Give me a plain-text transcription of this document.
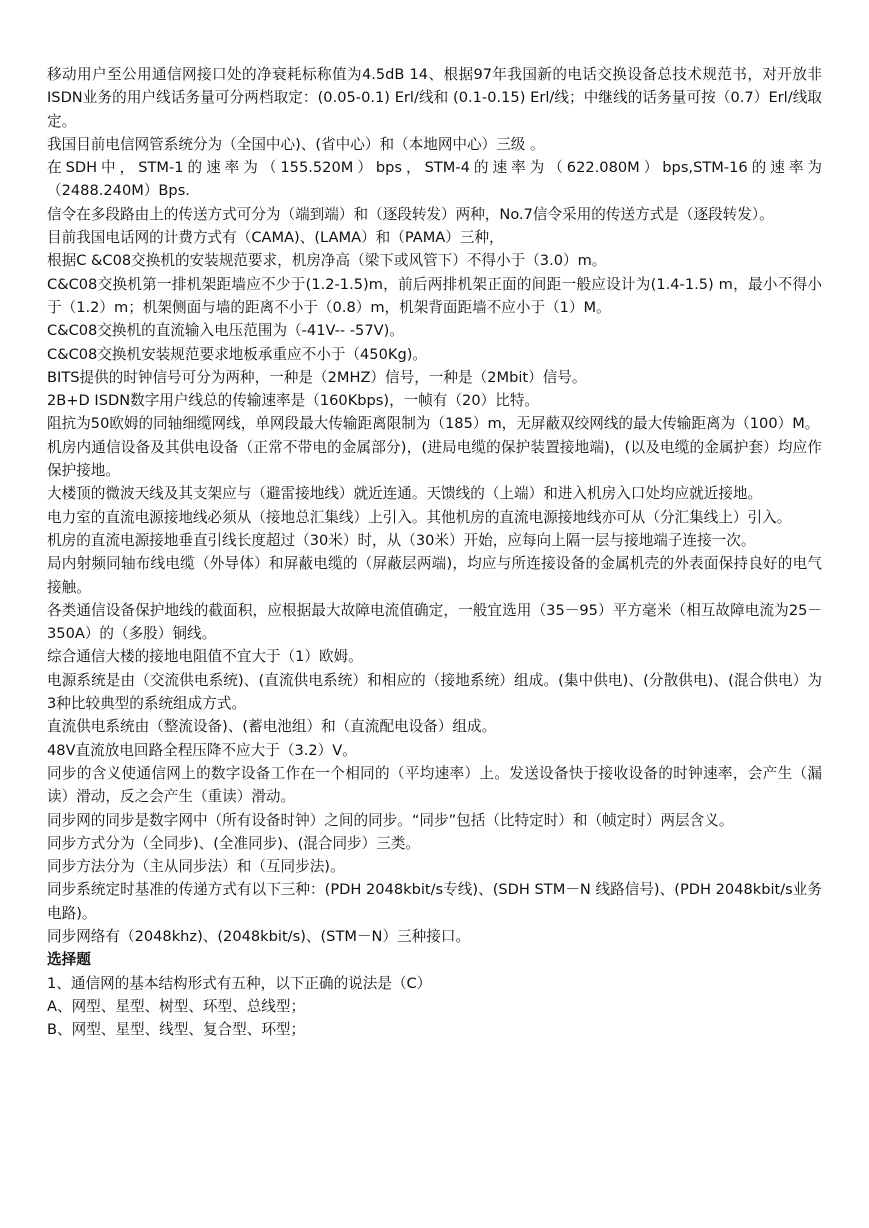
移动用户至公用通信网接口处的净衰耗标称值为4.5dB 14、根据97年我国新的电话交换设备总技术规范书，对开放非ISDN业务的用户线话务量可分两档取定：(0.05-0.1) Erl/线和 (0.1-0.15) Erl/线；中继线的话务量可按（0.7）Erl/线取定。

我国目前电信网管系统分为（全国中心)、(省中心）和（本地网中心）三级 。

在SDH中，STM-1的速率为（155.520M）bps，STM-4的速率为（622.080M）bps,STM-16的速率为（2488.240M）Bps.

信令在多段路由上的传送方式可分为（端到端）和（逐段转发）两种，No.7信令采用的传送方式是（逐段转发）。

目前我国电话网的计费方式有（CAMA)、(LAMA）和（PAMA）三种，

根据C &C08交换机的安装规范要求，机房净高（梁下或风管下）不得小于（3.0）m。

C&C08交换机第一排机架距墙应不少于(1.2-1.5)m，前后两排机架正面的间距一般应设计为(1.4-1.5) m，最小不得小于（1.2）m；机架侧面与墙的距离不小于（0.8）m，机架背面距墙不应小于（1）M。

C&C08交换机的直流输入电压范围为（-41V-- -57V)。

C&C08交换机安装规范要求地板承重应不小于（450Kg)。

BITS提供的时钟信号可分为两种，一种是（2MHZ）信号，一种是（2Mbit）信号。

2B+D ISDN数字用户线总的传输速率是（160Kbps)，一帧有（20）比特。

阻抗为50欧姆的同轴细缆网线，单网段最大传输距离限制为（185）m，无屏蔽双绞网线的最大传输距离为（100）M。

机房内通信设备及其供电设备（正常不带电的金属部分)，(进局电缆的保护装置接地端)，(以及电缆的金属护套）均应作保护接地。

大楼顶的微波天线及其支架应与（避雷接地线）就近连通。天馈线的（上端）和进入机房入口处均应就近接地。

电力室的直流电源接地线必须从（接地总汇集线）上引入。其他机房的直流电源接地线亦可从（分汇集线上）引入。

机房的直流电源接地垂直引线长度超过（30米）时，从（30米）开始，应每向上隔一层与接地端子连接一次。

局内射频同轴布线电缆（外导体）和屏蔽电缆的（屏蔽层两端)，均应与所连接设备的金属机壳的外表面保持良好的电气接触。

各类通信设备保护地线的截面积，应根据最大故障电流值确定，一般宜选用（35－95）平方毫米（相互故障电流为25－350A）的（多股）铜线。

综合通信大楼的接地电阻值不宜大于（1）欧姆。

电源系统是由（交流供电系统)、(直流供电系统）和相应的（接地系统）组成。(集中供电)、(分散供电)、(混合供电）为3种比较典型的系统组成方式。

直流供电系统由（整流设备)、(蓄电池组）和（直流配电设备）组成。

48V直流放电回路全程压降不应大于（3.2）V。

同步的含义使通信网上的数字设备工作在一个相同的（平均速率）上。发送设备快于接收设备的时钟速率，会产生（漏读）滑动，反之会产生（重读）滑动。

同步网的同步是数字网中（所有设备时钟）之间的同步。“同步”包括（比特定时）和（帧定时）两层含义。

同步方式分为（全同步)、(全准同步)、(混合同步）三类。

同步方法分为（主从同步法）和（互同步法)。

同步系统定时基准的传递方式有以下三种：(PDH 2048kbit/s专线)、(SDH STM－N 线路信号)、(PDH 2048kbit/s业务电路)。

同步网络有（2048khz)、(2048kbit/s)、(STM－N）三种接口。

选择题

1、通信网的基本结构形式有五种，以下正确的说法是（C）

A、网型、星型、树型、环型、总线型；

B、网型、星型、线型、复合型、环型；
